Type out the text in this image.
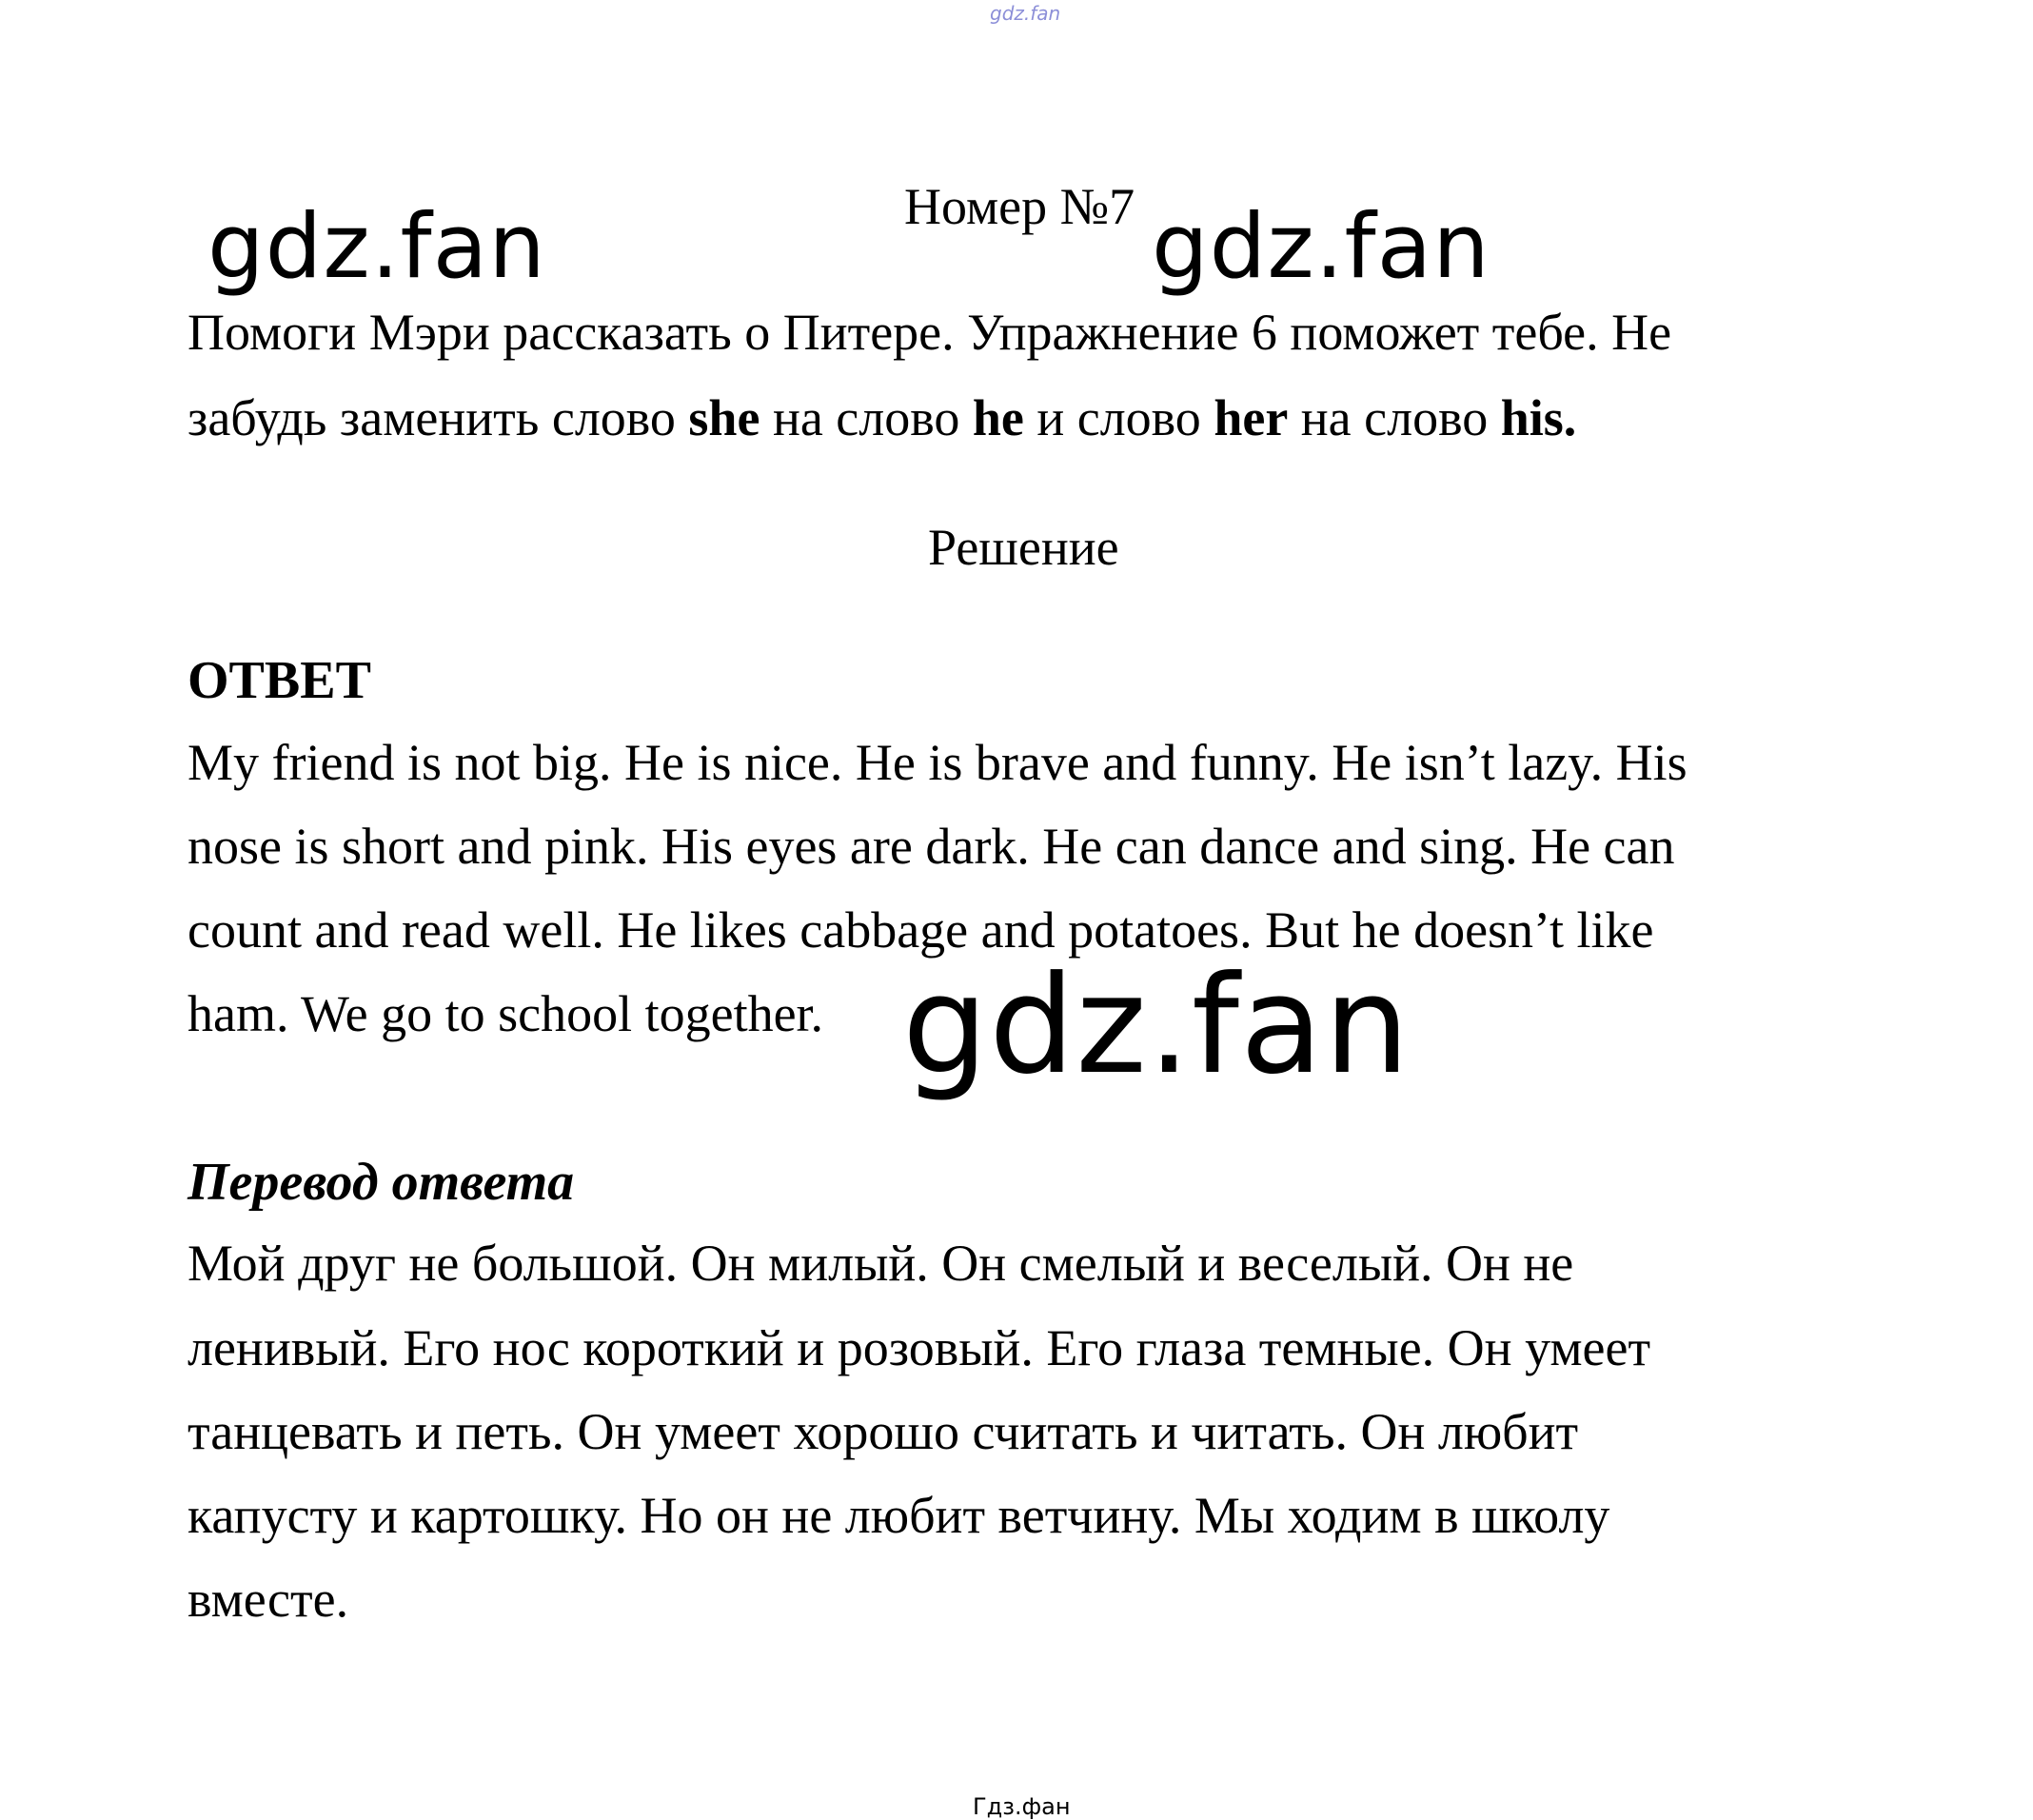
gdz.fan
Номер №7
Помоги Мэри рассказать о Питере. Упражнение 6 поможет тебе. Не
забудь заменить слово she на слово he и слово her на слово his.
Решение
ОТВЕТ
My friend is not big. He is nice. He is brave and funny. He isn’t lazy. His
nose is short and pink. His eyes are dark. He can dance and sing. He can
count and read well. He likes cabbage and potatoes. But he doesn’t like
ham. We go to school together.
Перевод ответа
Мой друг не большой. Он милый. Он смелый и веселый. Он не
ленивый. Его нос короткий и розовый. Его глаза темные. Он умеет
танцевать и петь. Он умеет хорошо считать и читать. Он любит
капусту и картошку. Но он не любит ветчину. Мы ходим в школу
вместе.
gdz.fan	gdz.fan
gdz.fan
Гдз.фан
